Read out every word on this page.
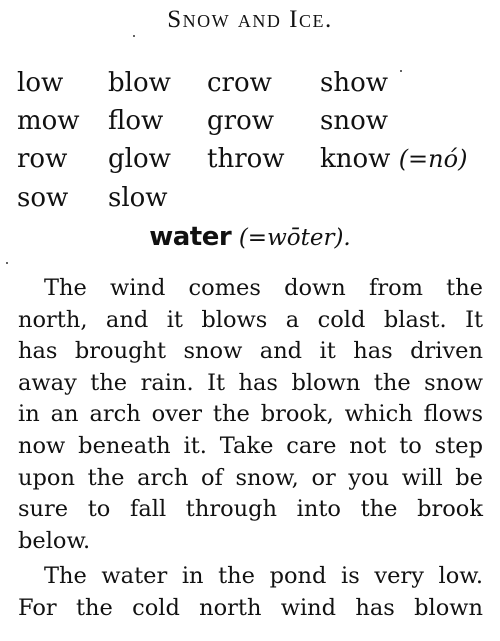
Snow and Ice.
low blow crow show
mow flow grow snow
row glow throw know (=nó)
sow slow
water (=wōter).
The wind comes down from the
north, and it blows a cold blast. It
has brought snow and it has driven
away the rain. It has blown the snow
in an arch over the brook, which flows
now beneath it. Take care not to step
upon the arch of snow, or you will be
sure to fall through into the brook
below.
The water in the pond is very low.
For the cold north wind has blown
